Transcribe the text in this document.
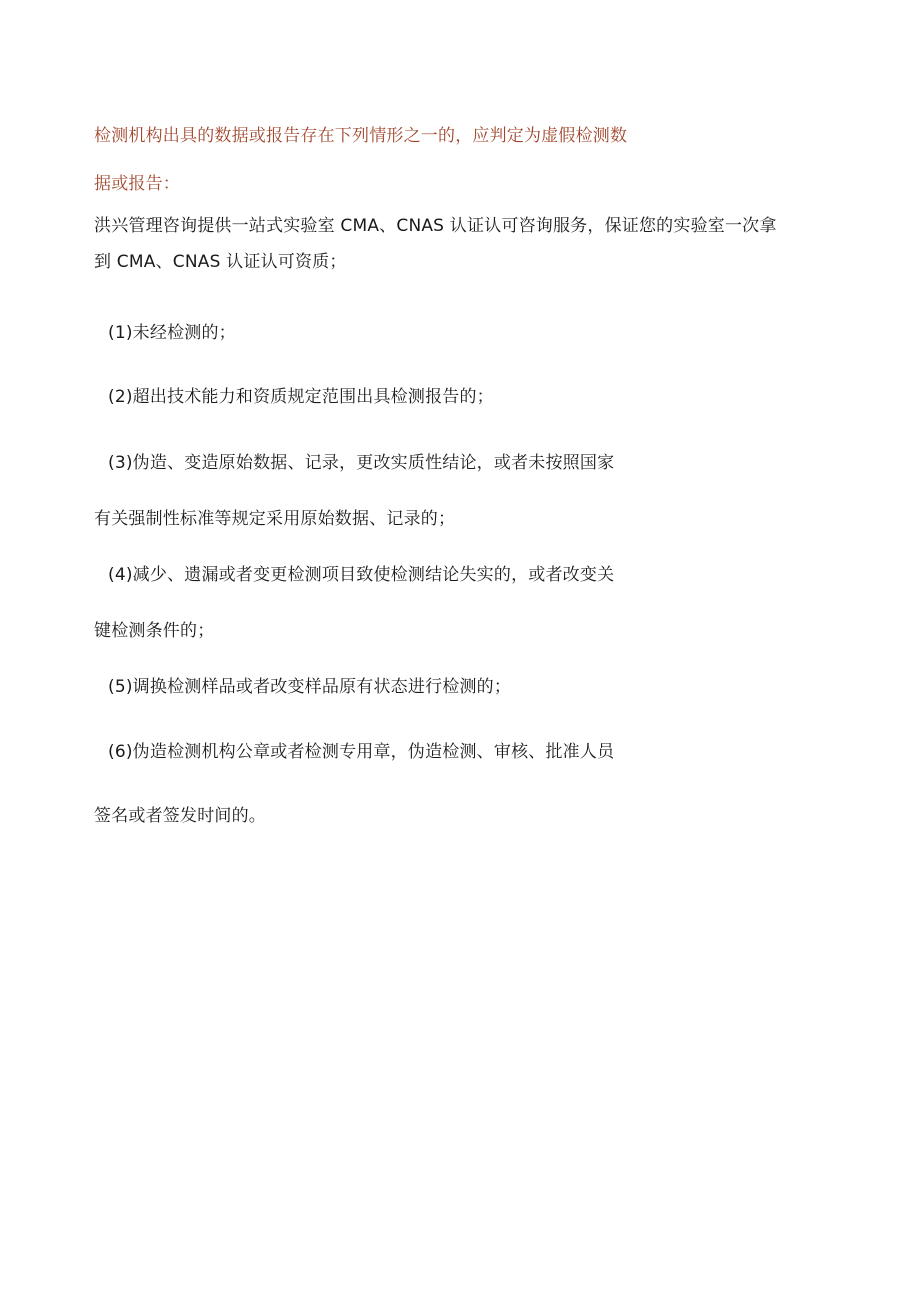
检测机构出具的数据或报告存在下列情形之一的，应判定为虚假检测数
据或报告：
洪兴管理咨询提供一站式实验室 CMA、CNAS 认证认可咨询服务，保证您的实验室一次拿
到 CMA、CNAS 认证认可资质；
(1)未经检测的；
(2)超出技术能力和资质规定范围出具检测报告的；
(3)伪造、变造原始数据、记录，更改实质性结论，或者未按照国家
有关强制性标准等规定采用原始数据、记录的；
(4)减少、遗漏或者变更检测项目致使检测结论失实的，或者改变关
键检测条件的；
(5)调换检测样品或者改变样品原有状态进行检测的；
(6)伪造检测机构公章或者检测专用章，伪造检测、审核、批准人员
签名或者签发时间的。
